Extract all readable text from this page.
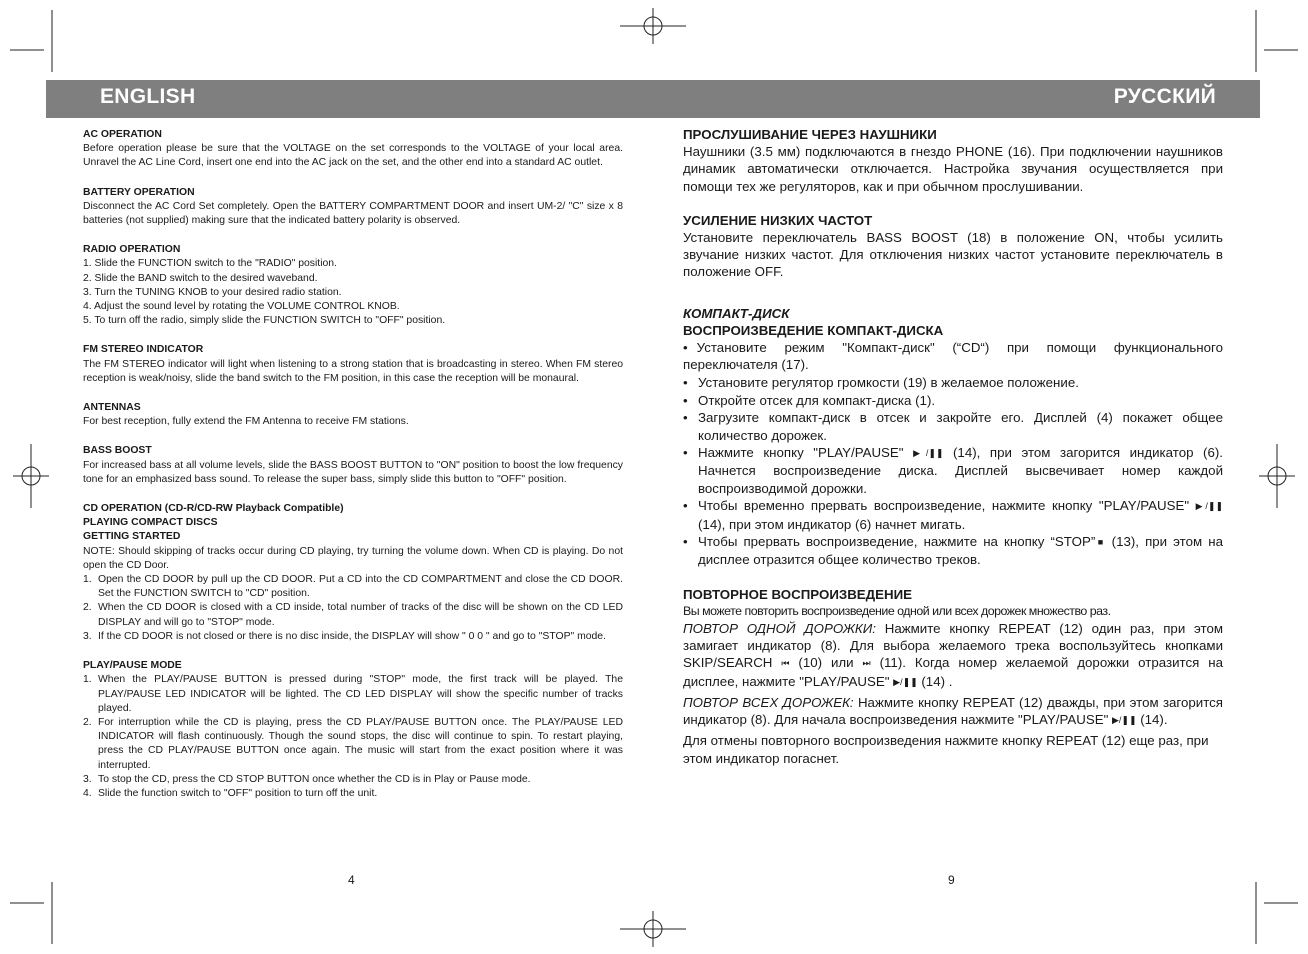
ENGLISH	РУССКИЙ
AC OPERATION

Before operation please be sure that the VOLTAGE on the set corresponds to the VOLTAGE of your local area. Unravel the AC Line Cord, insert one end into the AC jack on the set, and the other end into a standard AC outlet.

BATTERY OPERATION

Disconnect the AC Cord Set completely. Open the BATTERY COMPARTMENT DOOR and insert UM-2/ "C" size x 8 batteries (not supplied) making sure that the indicated battery polarity is observed.

RADIO OPERATION
1. Slide the FUNCTION switch to the "RADIO" position.
2. Slide the BAND switch to the desired waveband.
3. Turn the TUNING KNOB to your desired radio station.
4. Adjust the sound level by rotating the VOLUME CONTROL KNOB.
5. To turn off the radio, simply slide the FUNCTION SWITCH to "OFF" position.
FM STEREO INDICATOR

The FM STEREO indicator will light when listening to a strong station that is broadcasting in stereo. When FM stereo reception is weak/noisy, slide the band switch to the FM position, in this case the reception will be monaural.

ANTENNAS

For best reception, fully extend the FM Antenna to receive FM stations.

BASS BOOST

For increased bass at all volume levels, slide the BASS BOOST BUTTON to "ON" position to boost the low frequency tone for an emphasized bass sound. To release the super bass, simply slide this button to "OFF" position.

CD OPERATION (CD-R/CD-RW Playback Compatible)
PLAYING COMPACT DISCS
GETTING STARTED

NOTE: Should skipping of tracks occur during CD playing, try turning the volume down. When CD is playing. Do not open the CD Door.

1. Open the CD DOOR by pull up the CD DOOR. Put a CD into the CD COMPARTMENT and close the CD DOOR. Set the FUNCTION SWITCH to "CD" position.
2. When the CD DOOR is closed with a CD inside, total number of tracks of the disc will be shown on the CD LED DISPLAY and will go to "STOP" mode.
3. If the CD DOOR is not closed or there is no disc inside, the DISPLAY will show " 0 0 " and go to "STOP" mode.
PLAY/PAUSE MODE
1. When the PLAY/PAUSE BUTTON is pressed during "STOP" mode, the first track will be played. The PLAY/PAUSE LED INDICATOR will be lighted. The CD LED DISPLAY will show the specific number of tracks played.
2. For interruption while the CD is playing, press the CD PLAY/PAUSE BUTTON once. The PLAY/PAUSE LED INDICATOR will flash continuously. Though the sound stops, the disc will continue to spin. To restart playing, press the CD PLAY/PAUSE BUTTON once again. The music will start from the exact position where it was interrupted.
3. To stop the CD, press the CD STOP BUTTON once whether the CD is in Play or Pause mode.
4. Slide the function switch to "OFF" position to turn off the unit.
ПРОСЛУШИВАНИЕ ЧЕРЕЗ НАУШНИКИ

Наушники (3.5 мм) подключаются в гнездо PHONE (16). При подключении наушников динамик автоматически отключается. Настройка звучания осуществляется при помощи тех же регуляторов, как и при обычном прослушивании.

УСИЛЕНИЕ НИЗКИХ ЧАСТОТ

Установите переключатель BASS BOOST (18) в положение ON, чтобы усилить звучание низких частот. Для отключения низких частот установите переключатель в положение OFF.

КОМПАКТ-ДИСК
ВОСПРОИЗВЕДЕНИЕ КОМПАКТ-ДИСКА
• Установите режим "Компакт-диск" (“CD“) при помощи функционального переключателя (17).
• Установите регулятор громкости (19) в желаемое положение.
• Откройте отсек для компакт-диска (1).
• Загрузите компакт-диск в отсек и закройте его. Дисплей (4) покажет общее количество дорожек.
• Нажмите кнопку "PLAY/PAUSE" ▶/❚❚ (14), при этом загорится индикатор (6). Начнется воспроизведение диска. Дисплей высвечивает номер каждой воспроизводимой дорожки.
• Чтобы временно прервать воспроизведение, нажмите кнопку "PLAY/PAUSE" ▶/❚❚ (14), при этом индикатор (6) начнет мигать.
• Чтобы прервать воспроизведение, нажмите на кнопку “STOP”■ (13), при этом на дисплее отразится общее количество треков.
ПОВТОРНОЕ ВОСПРОИЗВЕДЕНИЕ

Вы можете повторить воспроизведение одной или всех дорожек множество раз.

ПОВТОР ОДНОЙ ДОРОЖКИ: Нажмите кнопку REPEAT (12) один раз, при этом замигает индикатор (8). Для выбора желаемого трека воспользуйтесь кнопками SKIP/SEARCH ⏮ (10) или ⏭ (11). Когда номер желаемой дорожки отразится на дисплее, нажмите "PLAY/PAUSE" ▶/❚❚ (14) .

ПОВТОР ВСЕХ ДОРОЖЕК: Нажмите кнопку REPEAT (12) дважды, при этом загорится индикатор (8). Для начала воспроизведения нажмите "PLAY/PAUSE" ▶/❚❚ (14).

Для отмены повторного воспроизведения нажмите кнопку REPEAT (12) еще раз, при этом индикатор погаснет.

4	9
